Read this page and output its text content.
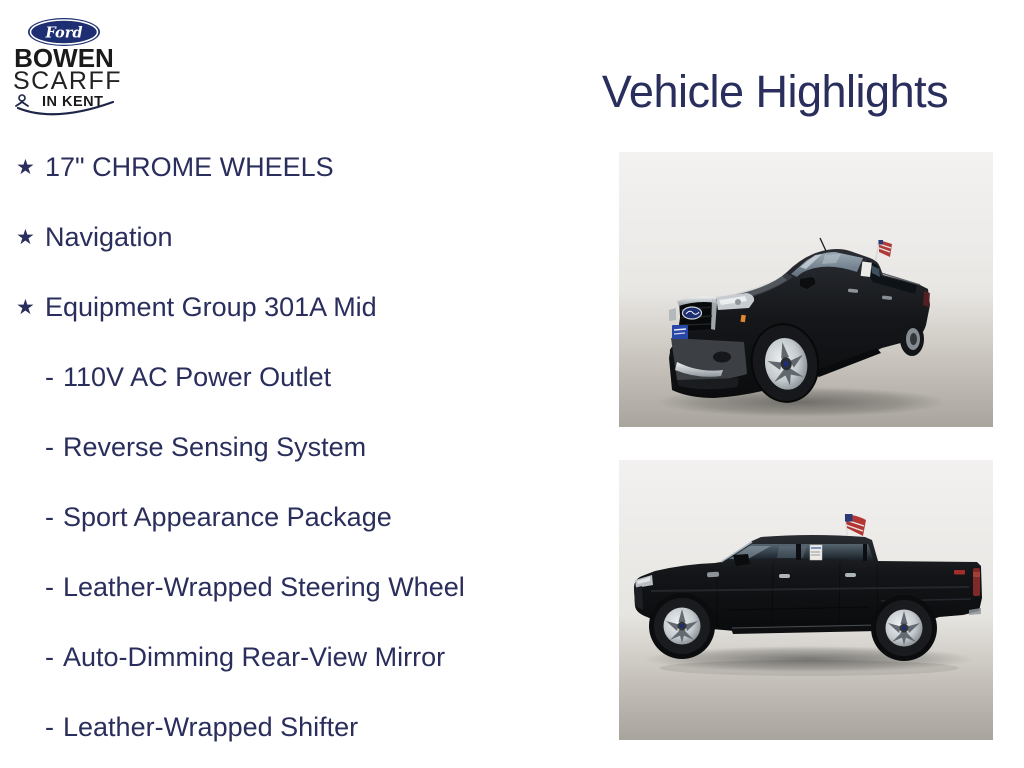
Ford
BOWEN
SCARFF
IN KENT	Vehicle Highlights
★ 17" CHROME WHEELS
★ Navigation
★ Equipment Group 301A Mid
- 110V AC Power Outlet
- Reverse Sensing System
- Sport Appearance Package
- Leather-Wrapped Steering Wheel
- Auto-Dimming Rear-View Mirror
- Leather-Wrapped Shifter
